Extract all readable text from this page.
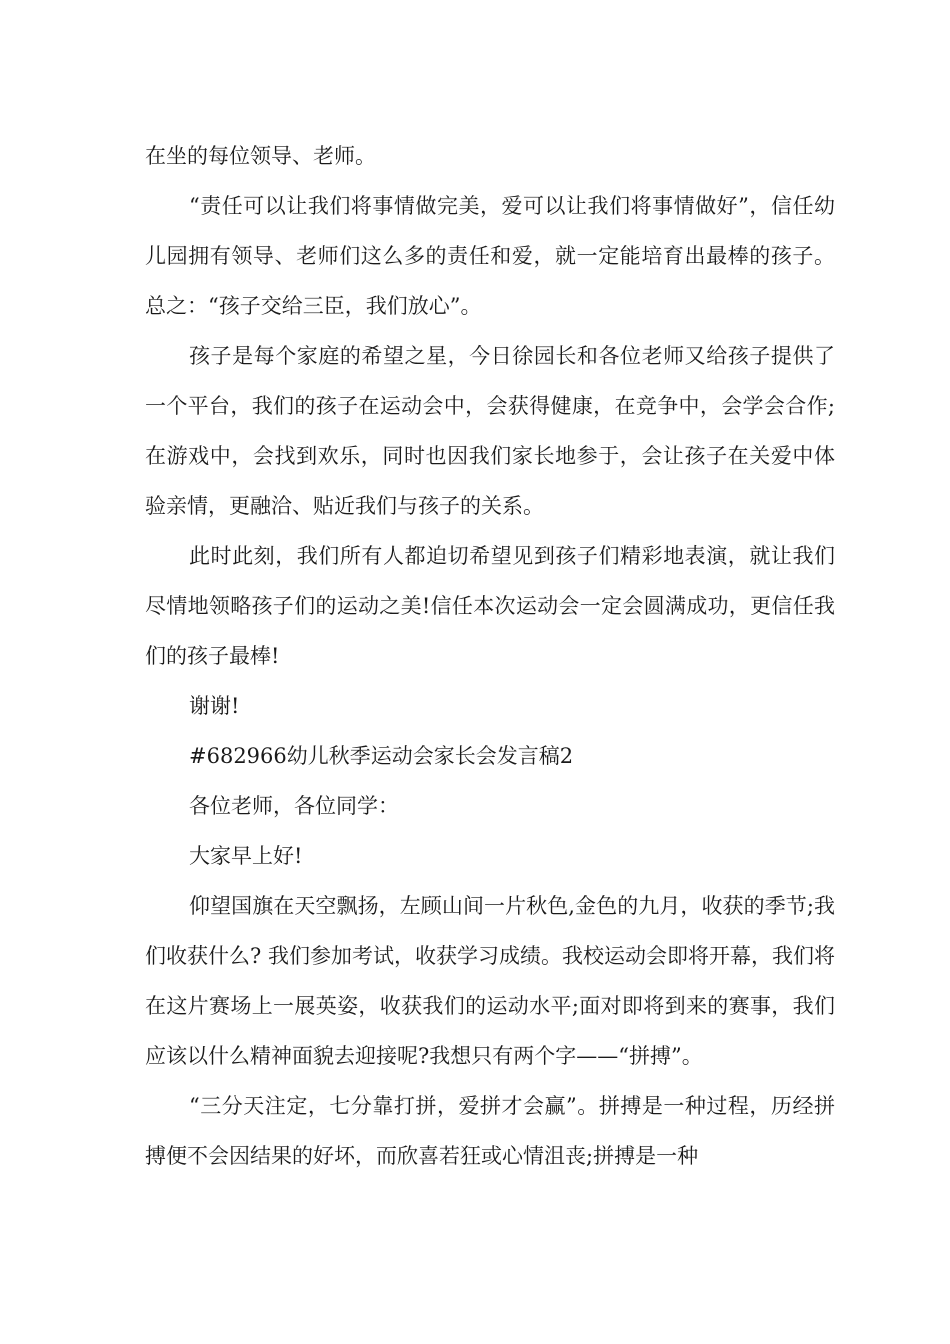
在坐的每位领导、老师。

“责任可以让我们将事情做完美，爱可以让我们将事情做好”，信任幼儿园拥有领导、老师们这么多的责任和爱，就一定能培育出最棒的孩子。总之：“孩子交给三臣，我们放心”。

孩子是每个家庭的希望之星，今日徐园长和各位老师又给孩子提供了一个平台，我们的孩子在运动会中，会获得健康，在竞争中，会学会合作;在游戏中，会找到欢乐，同时也因我们家长地参于，会让孩子在关爱中体验亲情，更融洽、贴近我们与孩子的关系。

此时此刻，我们所有人都迫切希望见到孩子们精彩地表演，就让我们尽情地领略孩子们的运动之美!信任本次运动会一定会圆满成功，更信任我们的孩子最棒!

谢谢!

#682966幼儿秋季运动会家长会发言稿2

各位老师，各位同学：

大家早上好!

仰望国旗在天空飘扬，左顾山间一片秋色,金色的九月，收获的季节;我们收获什么? 我们参加考试，收获学习成绩。我校运动会即将开幕，我们将在这片赛场上一展英姿，收获我们的运动水平;面对即将到来的赛事，我们应该以什么精神面貌去迎接呢?我想只有两个字——“拼搏”。

“三分天注定，七分靠打拼，爱拼才会赢”。拼搏是一种过程，历经拼搏便不会因结果的好坏，而欣喜若狂或心情沮丧;拼搏是一种
